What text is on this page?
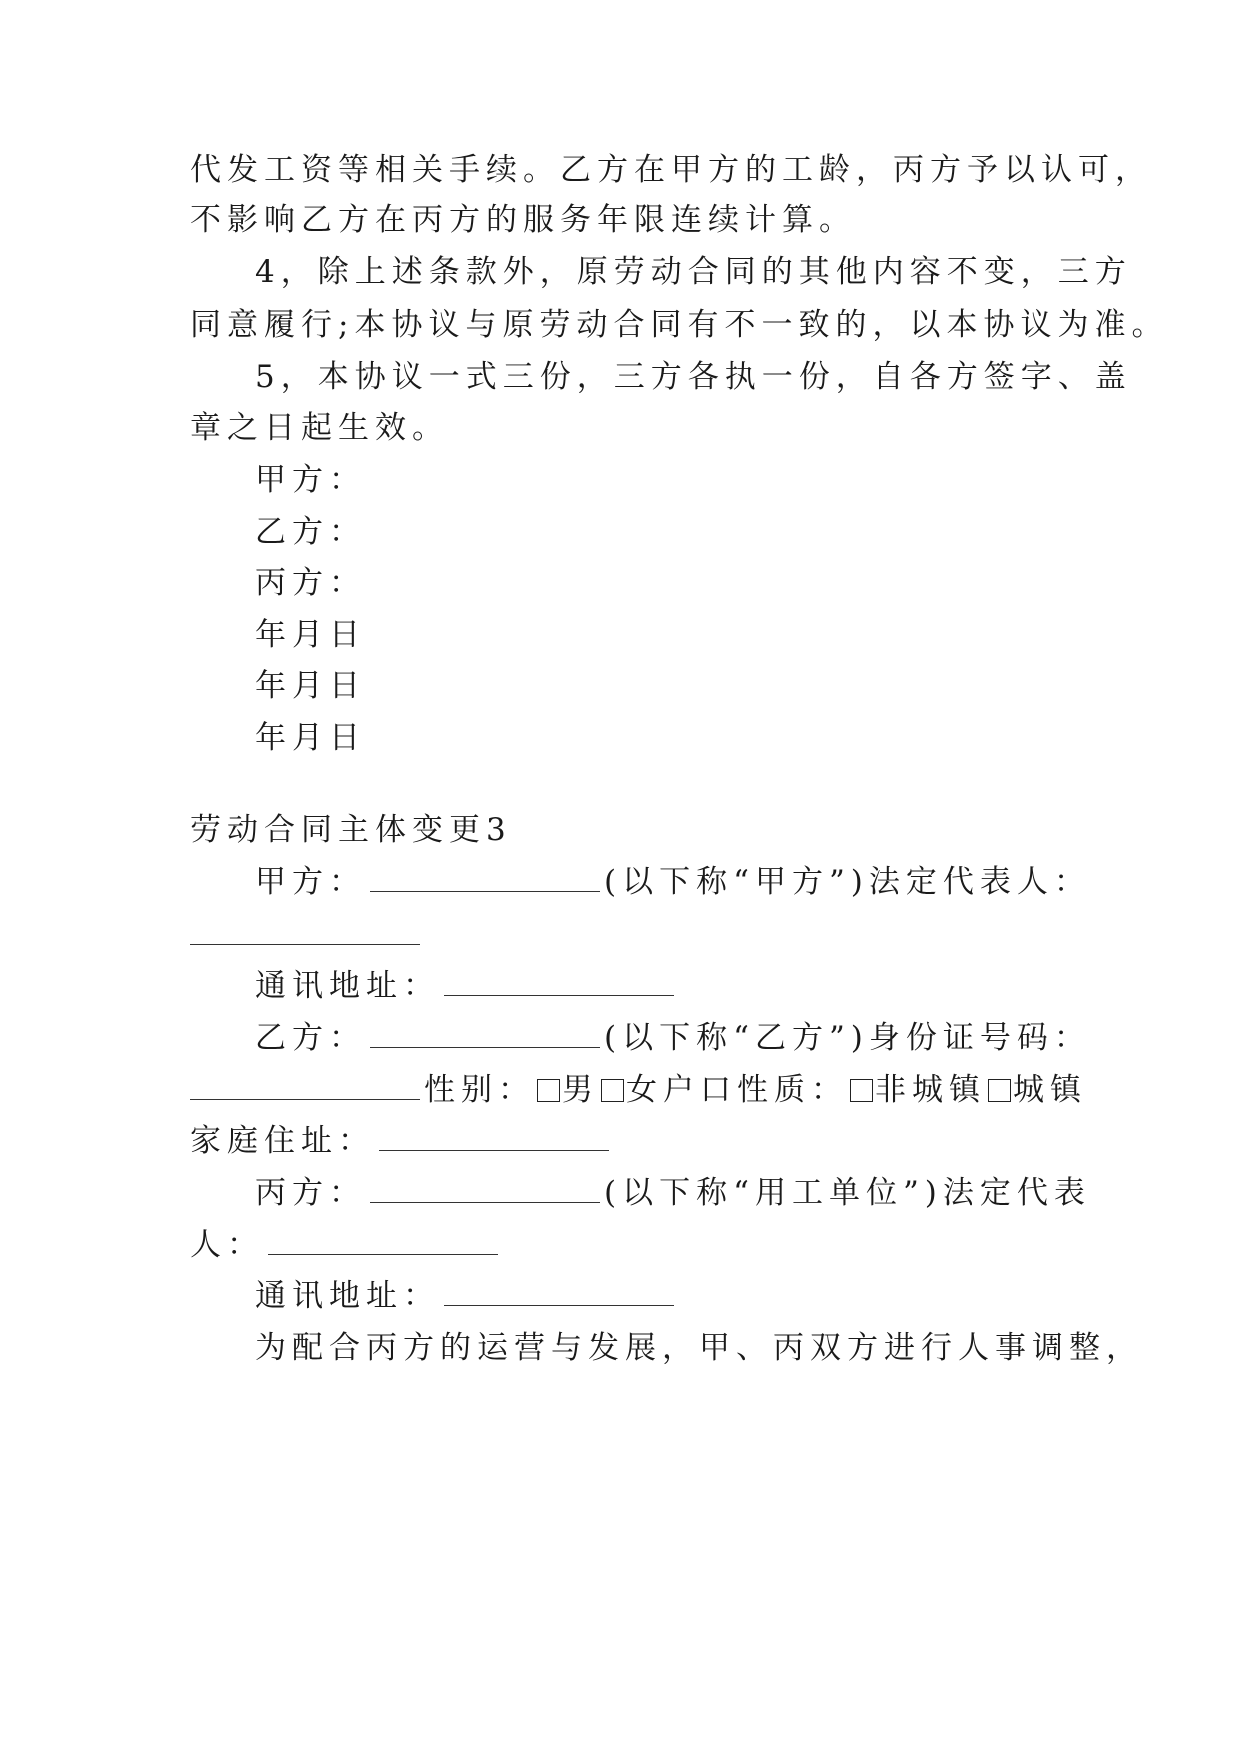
代发工资等相关手续。乙方在甲方的工龄，丙方予以认可，
不影响乙方在丙方的服务年限连续计算。
4，除上述条款外，原劳动合同的其他内容不变，三方
同意履行;本协议与原劳动合同有不一致的，以本协议为准。
5，本协议一式三份，三方各执一份，自各方签字、盖
章之日起生效。
甲方：
乙方：
丙方：
年月日
年月日
年月日
劳动合同主体变更3
甲方：	(以下称“甲方”)法定代表人：
通讯地址：
乙方：	(以下称“乙方”)身份证号码：
性别： 男 女户口性质： 非城镇 城镇
家庭住址：
丙方：	(以下称“用工单位”)法定代表
人：
通讯地址：
为配合丙方的运营与发展，甲、丙双方进行人事调整，
